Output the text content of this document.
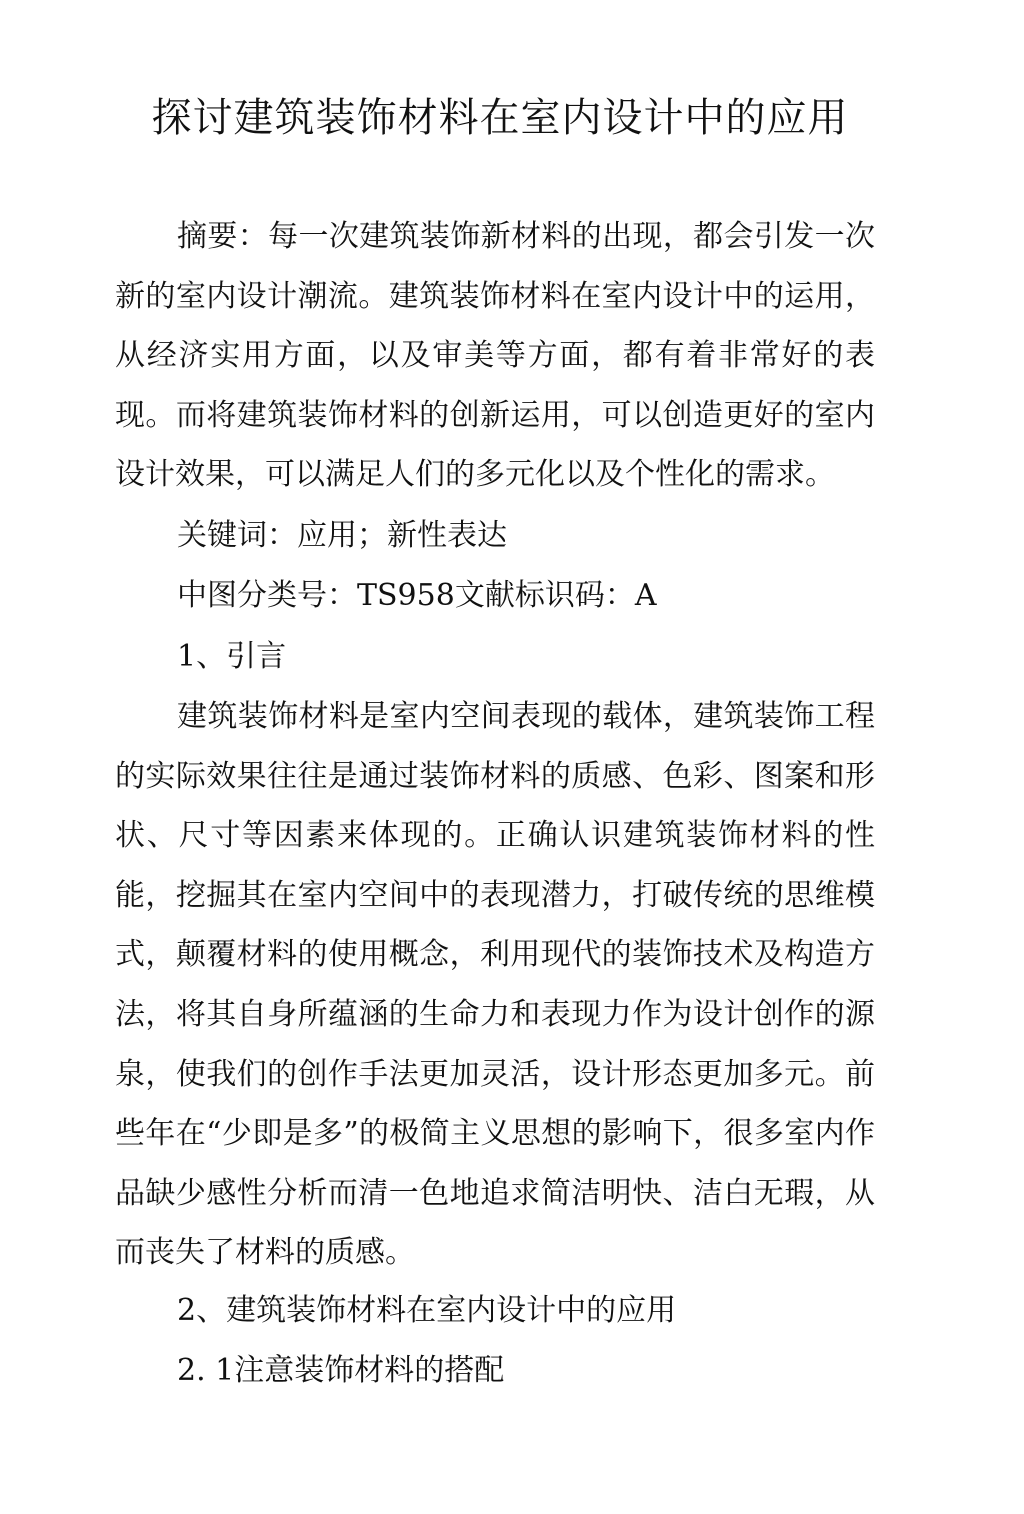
探讨建筑装饰材料在室内设计中的应用

摘要：每一次建筑装饰新材料的出现，都会引发一次新的室内设计潮流。建筑装饰材料在室内设计中的运用，从经济实用方面，以及审美等方面，都有着非常好的表现。而将建筑装饰材料的创新运用，可以创造更好的室内设计效果，可以满足人们的多元化以及个性化的需求。

关键词：应用；新性表达

中图分类号：TS958文献标识码：A

1、引言

建筑装饰材料是室内空间表现的载体，建筑装饰工程的实际效果往往是通过装饰材料的质感、色彩、图案和形状、尺寸等因素来体现的。正确认识建筑装饰材料的性能，挖掘其在室内空间中的表现潜力，打破传统的思维模式，颠覆材料的使用概念，利用现代的装饰技术及构造方法，将其自身所蕴涵的生命力和表现力作为设计创作的源泉，使我们的创作手法更加灵活，设计形态更加多元。前些年在“少即是多”的极简主义思想的影响下，很多室内作品缺少感性分析而清一色地追求简洁明快、洁白无瑕，从而丧失了材料的质感。

2、建筑装饰材料在室内设计中的应用

2. 1注意装饰材料的搭配
